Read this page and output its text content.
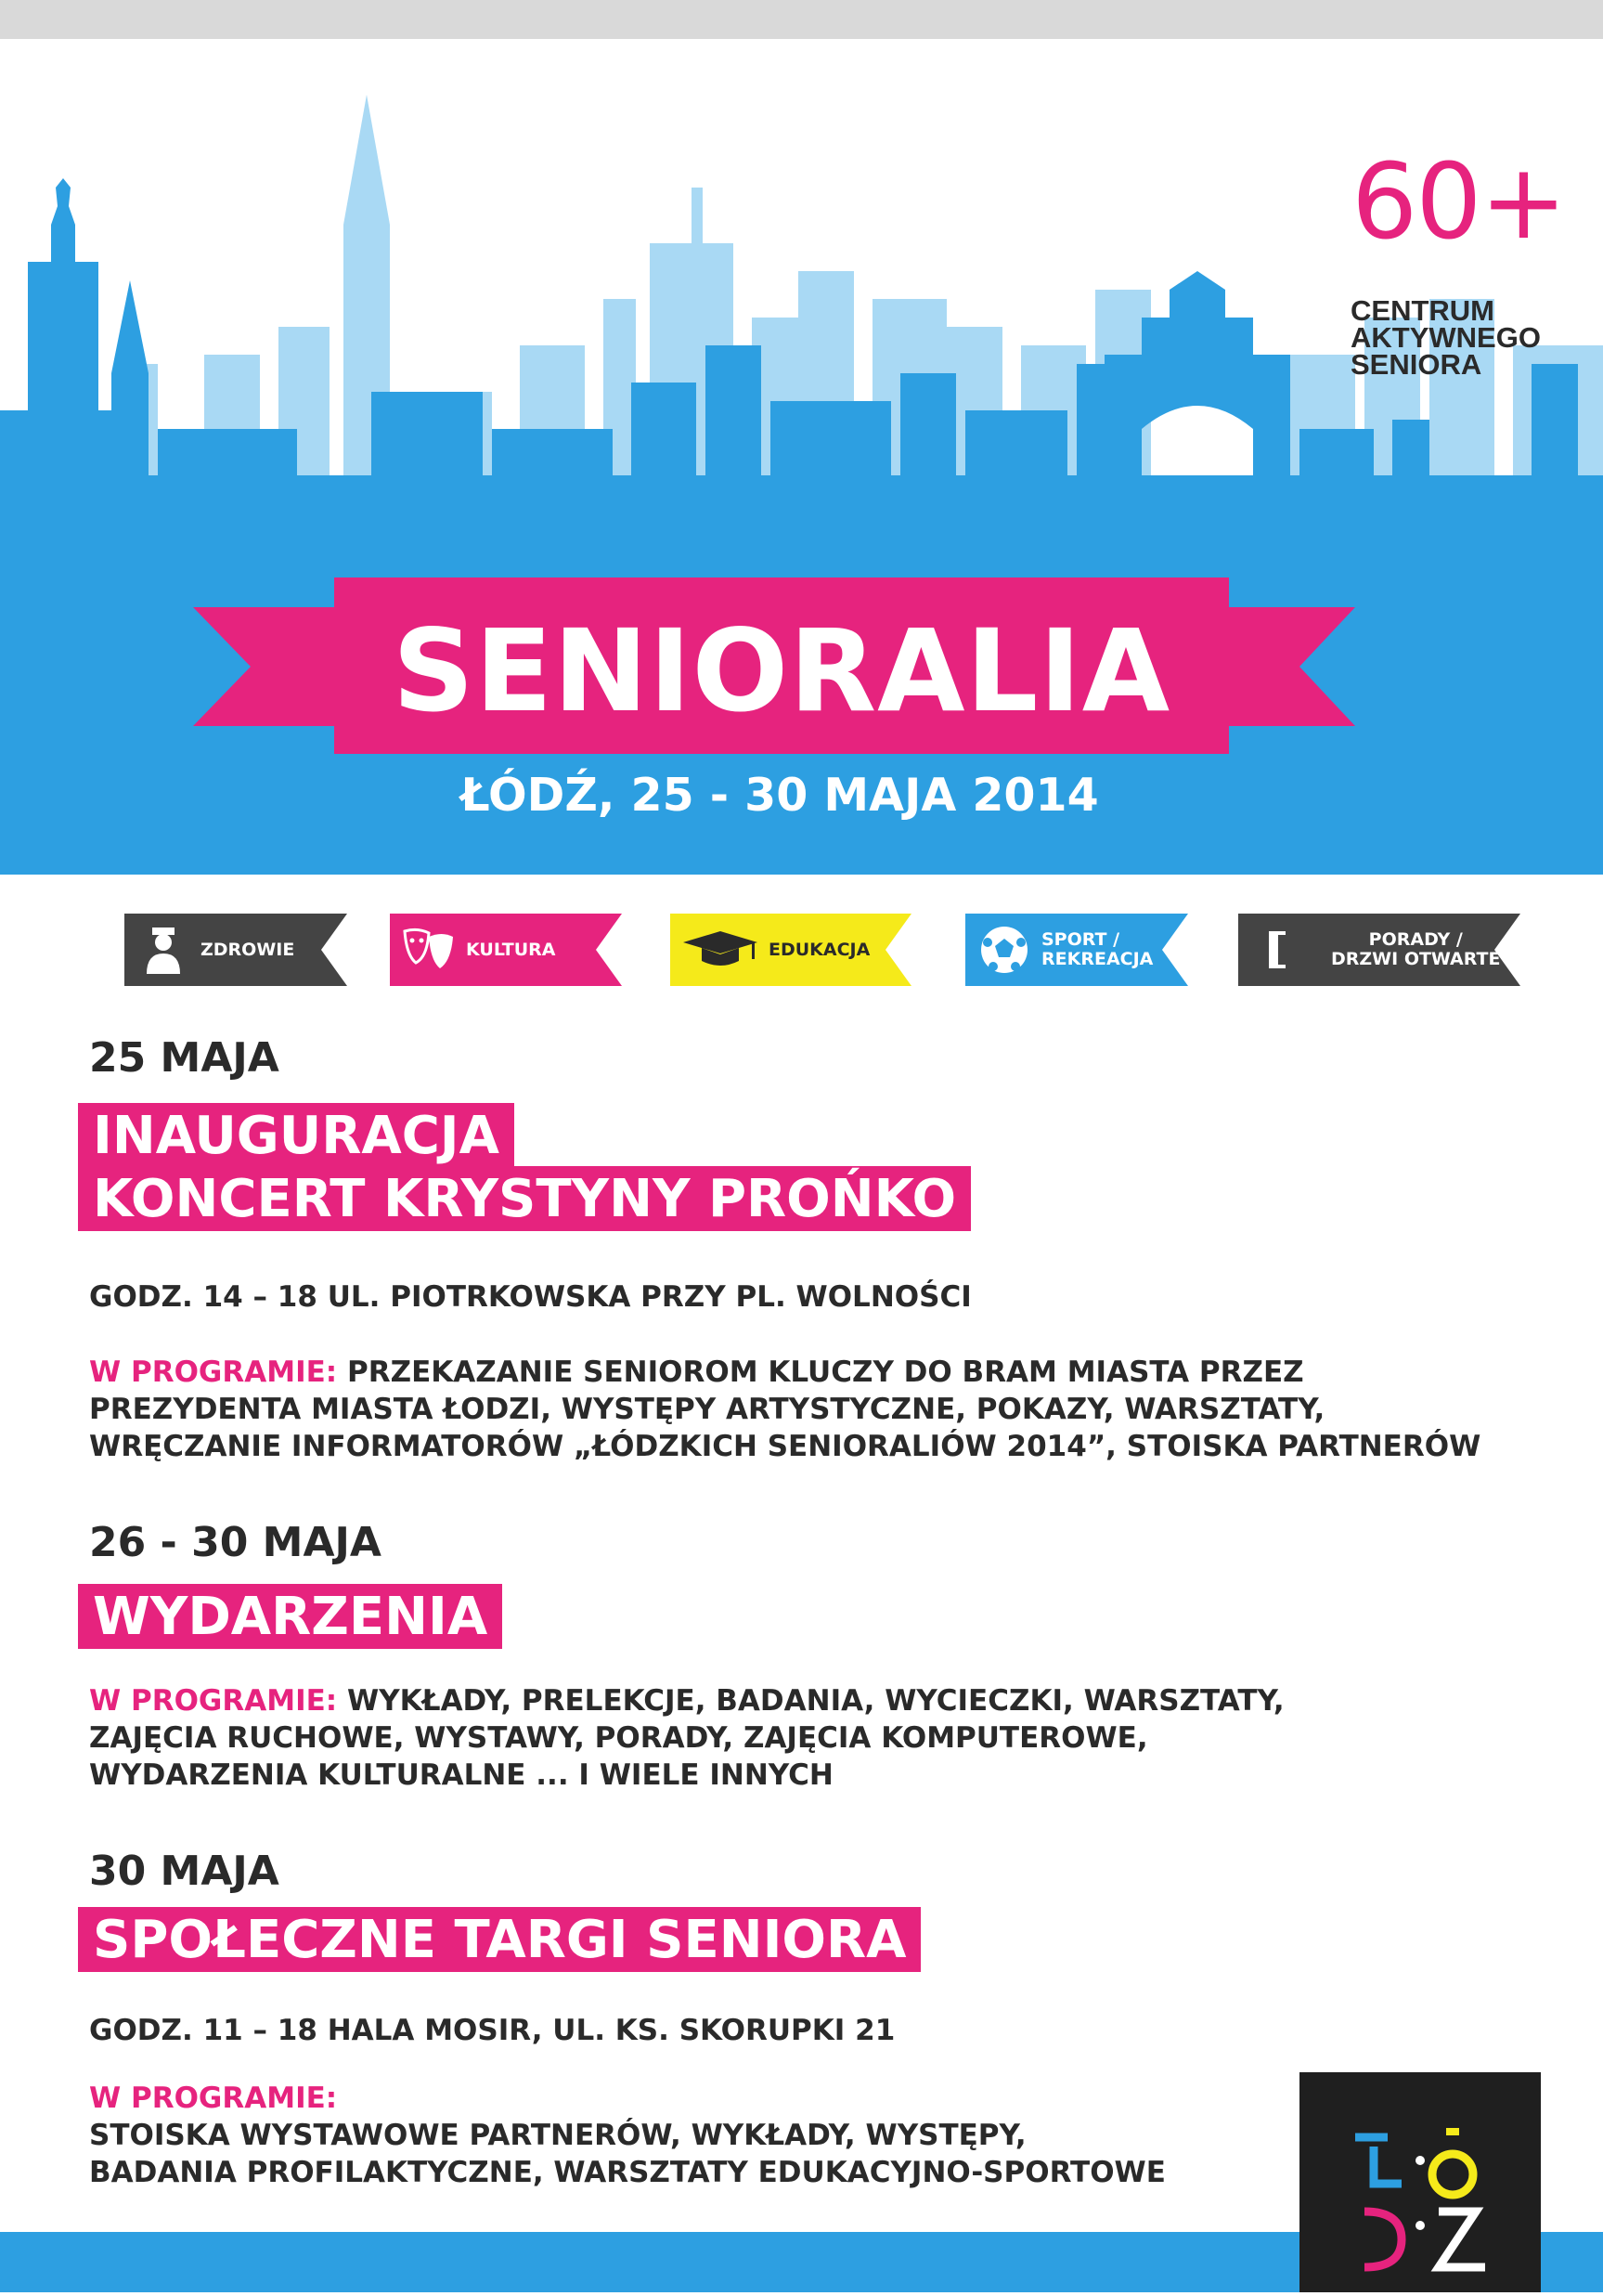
60+
CENTRUM
AKTYWNEGO
SENIORA
SENIORALIA
ŁÓDŹ, 25 - 30 MAJA 2014
ZDROWIE	KULTURA	EDUKACJA	SPORT /
REKREACJA
PORADY /
DRZWI OTWARTE
25 MAJA
INAUGURACJA
KONCERT KRYSTYNY PROŃKO
GODZ. 14 – 18 UL. PIOTRKOWSKA PRZY PL. WOLNOŚCI
W PROGRAMIE: PRZEKAZANIE SENIOROM KLUCZY DO BRAM MIASTA PRZEZ
PREZYDENTA MIASTA ŁODZI, WYSTĘPY ARTYSTYCZNE, POKAZY, WARSZTATY,
WRĘCZANIE INFORMATORÓW „ŁÓDZKICH SENIORALIÓW 2014”, STOISKA PARTNERÓW
26 - 30 MAJA
WYDARZENIA
W PROGRAMIE: WYKŁADY, PRELEKCJE, BADANIA, WYCIECZKI, WARSZTATY,
ZAJĘCIA RUCHOWE, WYSTAWY, PORADY, ZAJĘCIA KOMPUTEROWE,
WYDARZENIA KULTURALNE ... I WIELE INNYCH
30 MAJA
SPOŁECZNE TARGI SENIORA
GODZ. 11 – 18 HALA MOSIR, UL. KS. SKORUPKI 21
W PROGRAMIE:
STOISKA WYSTAWOWE PARTNERÓW, WYKŁADY, WYSTĘPY,
BADANIA PROFILAKTYCZNE, WARSZTATY EDUKACYJNO-SPORTOWE
